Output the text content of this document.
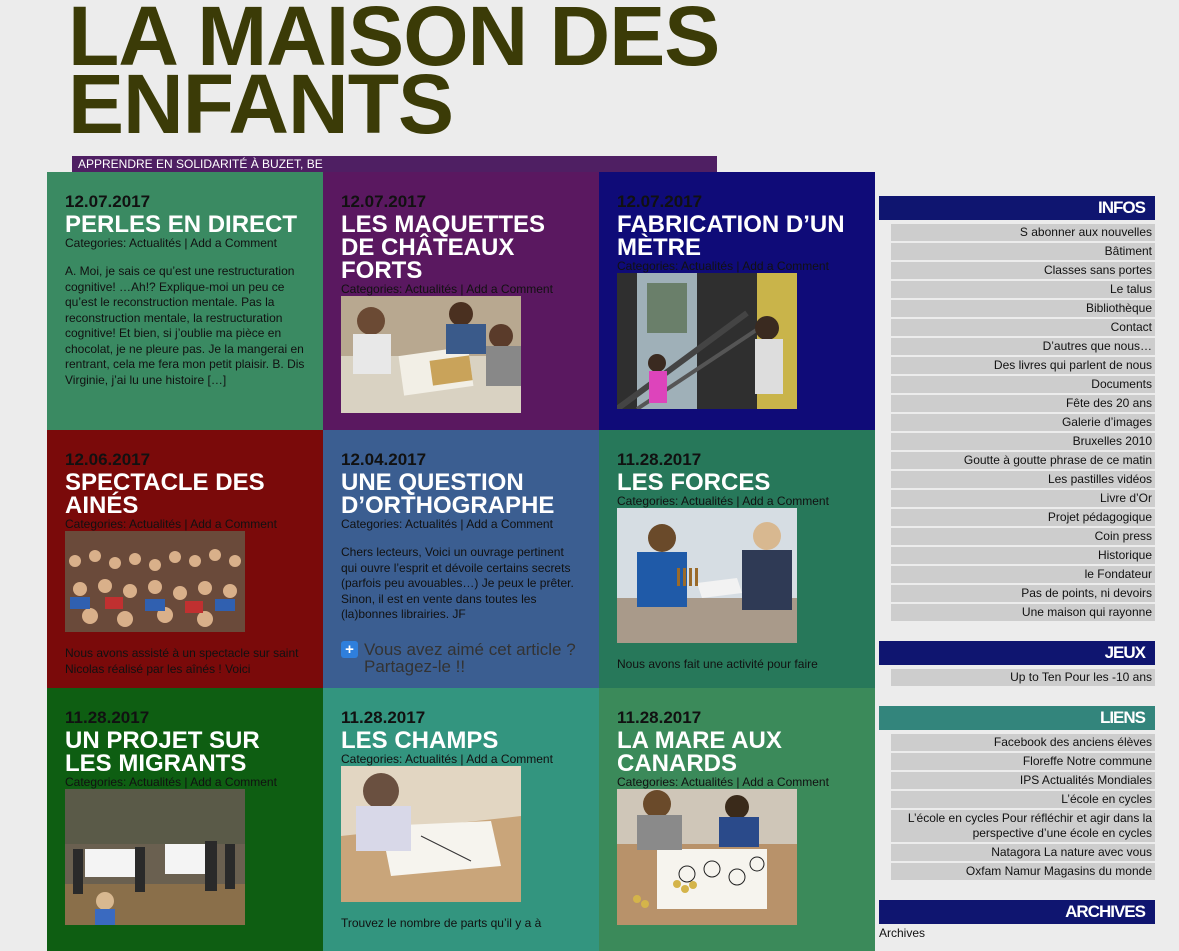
LA MAISON DES ENFANTS
APPRENDRE EN SOLIDARITÉ À BUZET, BE
12.07.2017
PERLES EN DIRECT
Categories: Actualités | Add a Comment
A. Moi, je sais ce qu’est une restructuration cognitive! …Ah!? Explique-moi un peu ce qu’est le reconstruction mentale. Pas la reconstruction mentale, la restructuration cognitive! Et bien, si j’oublie ma pièce en chocolat, je ne pleure pas. Je la mangerai en rentrant, cela me fera mon petit plaisir. B. Dis Virginie, j’ai lu une histoire […]
12.07.2017
LES MAQUETTES DE CHÂTEAUX FORTS
Categories: Actualités | Add a Comment
12.07.2017
FABRICATION D’UN MÈTRE
Categories: Actualités | Add a Comment
12.06.2017
SPECTACLE DES AINÉS
Categories: Actualités | Add a Comment
Nous avons assisté à un spectacle sur saint Nicolas réalisé par les aînés ! Voici
12.04.2017
UNE QUESTION D’ORTHOGRAPHE
Categories: Actualités | Add a Comment
Chers lecteurs, Voici un ouvrage pertinent qui ouvre l’esprit et dévoile certains secrets (parfois peu avouables…) Je peux le prêter. Sinon, il est en vente dans toutes les (la)bonnes librairies. JF
+ Vous avez aimé cet article ? Partagez-le !!
11.28.2017
LES FORCES
Categories: Actualités | Add a Comment
Nous avons fait une activité pour faire
11.28.2017
UN PROJET SUR LES MIGRANTS
Categories: Actualités | Add a Comment
11.28.2017
LES CHAMPS
Categories: Actualités | Add a Comment
Trouvez le nombre de parts qu’il y a à
11.28.2017
LA MARE AUX CANARDS
Categories: Actualités | Add a Comment
INFOS
S abonner aux nouvelles
Bâtiment
Classes sans portes
Le talus
Bibliothèque
Contact
D’autres que nous…
Des livres qui parlent de nous
Documents
Fête des 20 ans
Galerie d’images
Bruxelles 2010
Goutte à goutte phrase de ce matin
Les pastilles vidéos
Livre d’Or
Projet pédagogique
Coin press
Historique
le Fondateur
Pas de points, ni devoirs
Une maison qui rayonne
JEUX
Up to Ten Pour les -10 ans
LIENS
Facebook des anciens élèves
Floreffe Notre commune
IPS Actualités Mondiales
L’école en cycles
L’école en cycles Pour réfléchir et agir dans la perspective d’une école en cycles
Natagora La nature avec vous
Oxfam Namur Magasins du monde
ARCHIVES
Archives
